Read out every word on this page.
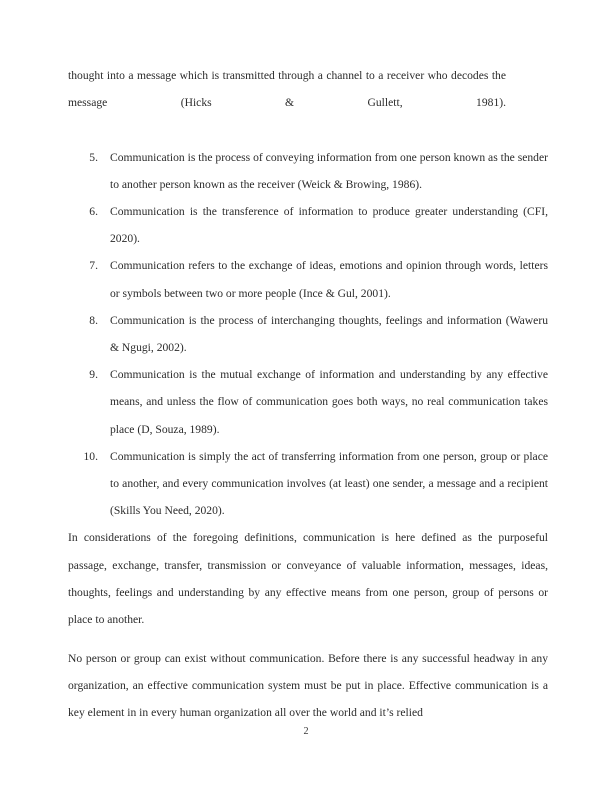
thought into a message which is transmitted through a channel to a receiver who decodes the message (Hicks & Gullett, 1981).

5. Communication is the process of conveying information from one person known as the sender to another person known as the receiver (Weick & Browing, 1986).
6. Communication is the transference of information to produce greater understanding (CFI, 2020).
7. Communication refers to the exchange of ideas, emotions and opinion through words, letters or symbols between two or more people (Ince & Gul, 2001).
8. Communication is the process of interchanging thoughts, feelings and information (Waweru & Ngugi, 2002).
9. Communication is the mutual exchange of information and understanding by any effective means, and unless the flow of communication goes both ways, no real communication takes place (D, Souza, 1989).
10. Communication is simply the act of transferring information from one person, group or place to another, and every communication involves (at least) one sender, a message and a recipient (Skills You Need, 2020).

In considerations of the foregoing definitions, communication is here defined as the purposeful passage, exchange, transfer, transmission or conveyance of valuable information, messages, ideas, thoughts, feelings and understanding by any effective means from one person, group of persons or place to another.

No person or group can exist without communication. Before there is any successful headway in any organization, an effective communication system must be put in place. Effective communication is a key element in in every human organization all over the world and it’s relied

2
